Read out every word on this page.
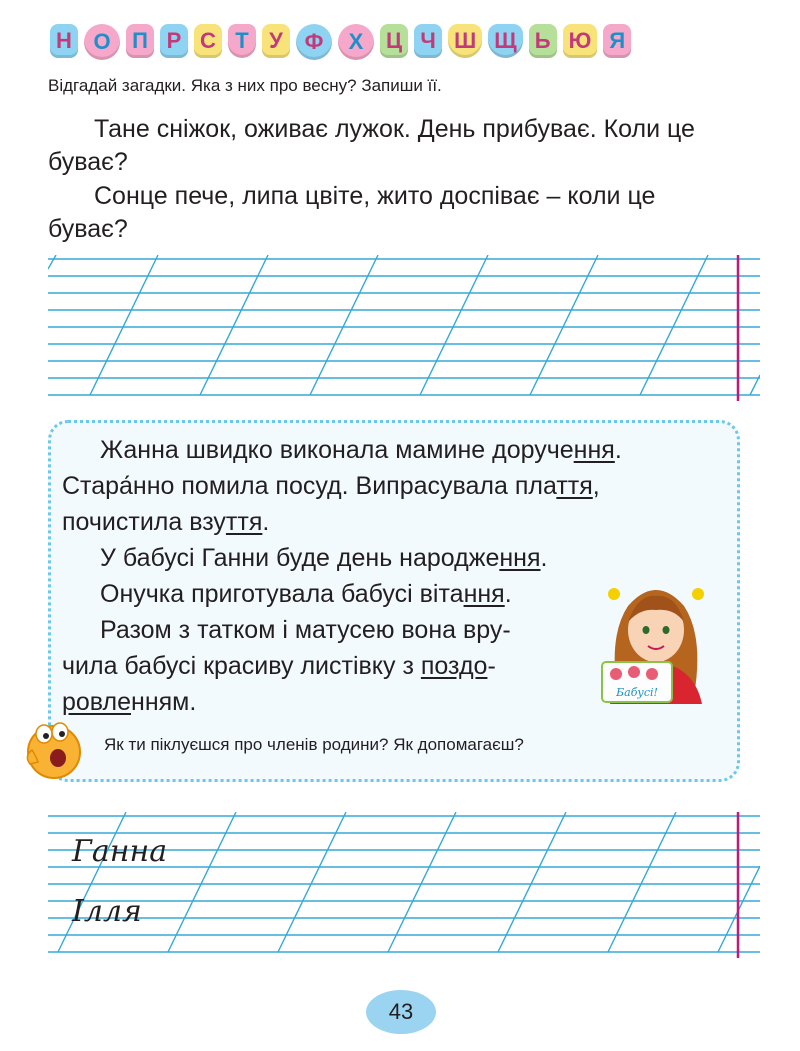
Н О П Р С Т У Ф	Х	Ц Ч Ш Щ Ь Ю Я
Відгадай загадки. Яка з них про весну? Запиши її.

Тане сніжок, оживає лужок. День прибуває. Коли це буває?

Сонце пече, липа цвіте, жито доспіває – коли це буває?

Жанна швидко виконала мамине доручення.

Стара́нно помила посуд. Випрасувала плаття,

почистила взуття.

У бабусі Ганни буде день народження.

Онучка приготувала бабусі вітання.

Разом з татком і матусею вона вру-

чила бабусі красиву листівку з поздо-

ровленням.	Бабусі!
Як ти піклуєшся про членів родини? Як допомагаєш?
Ганна
Ілля
43
